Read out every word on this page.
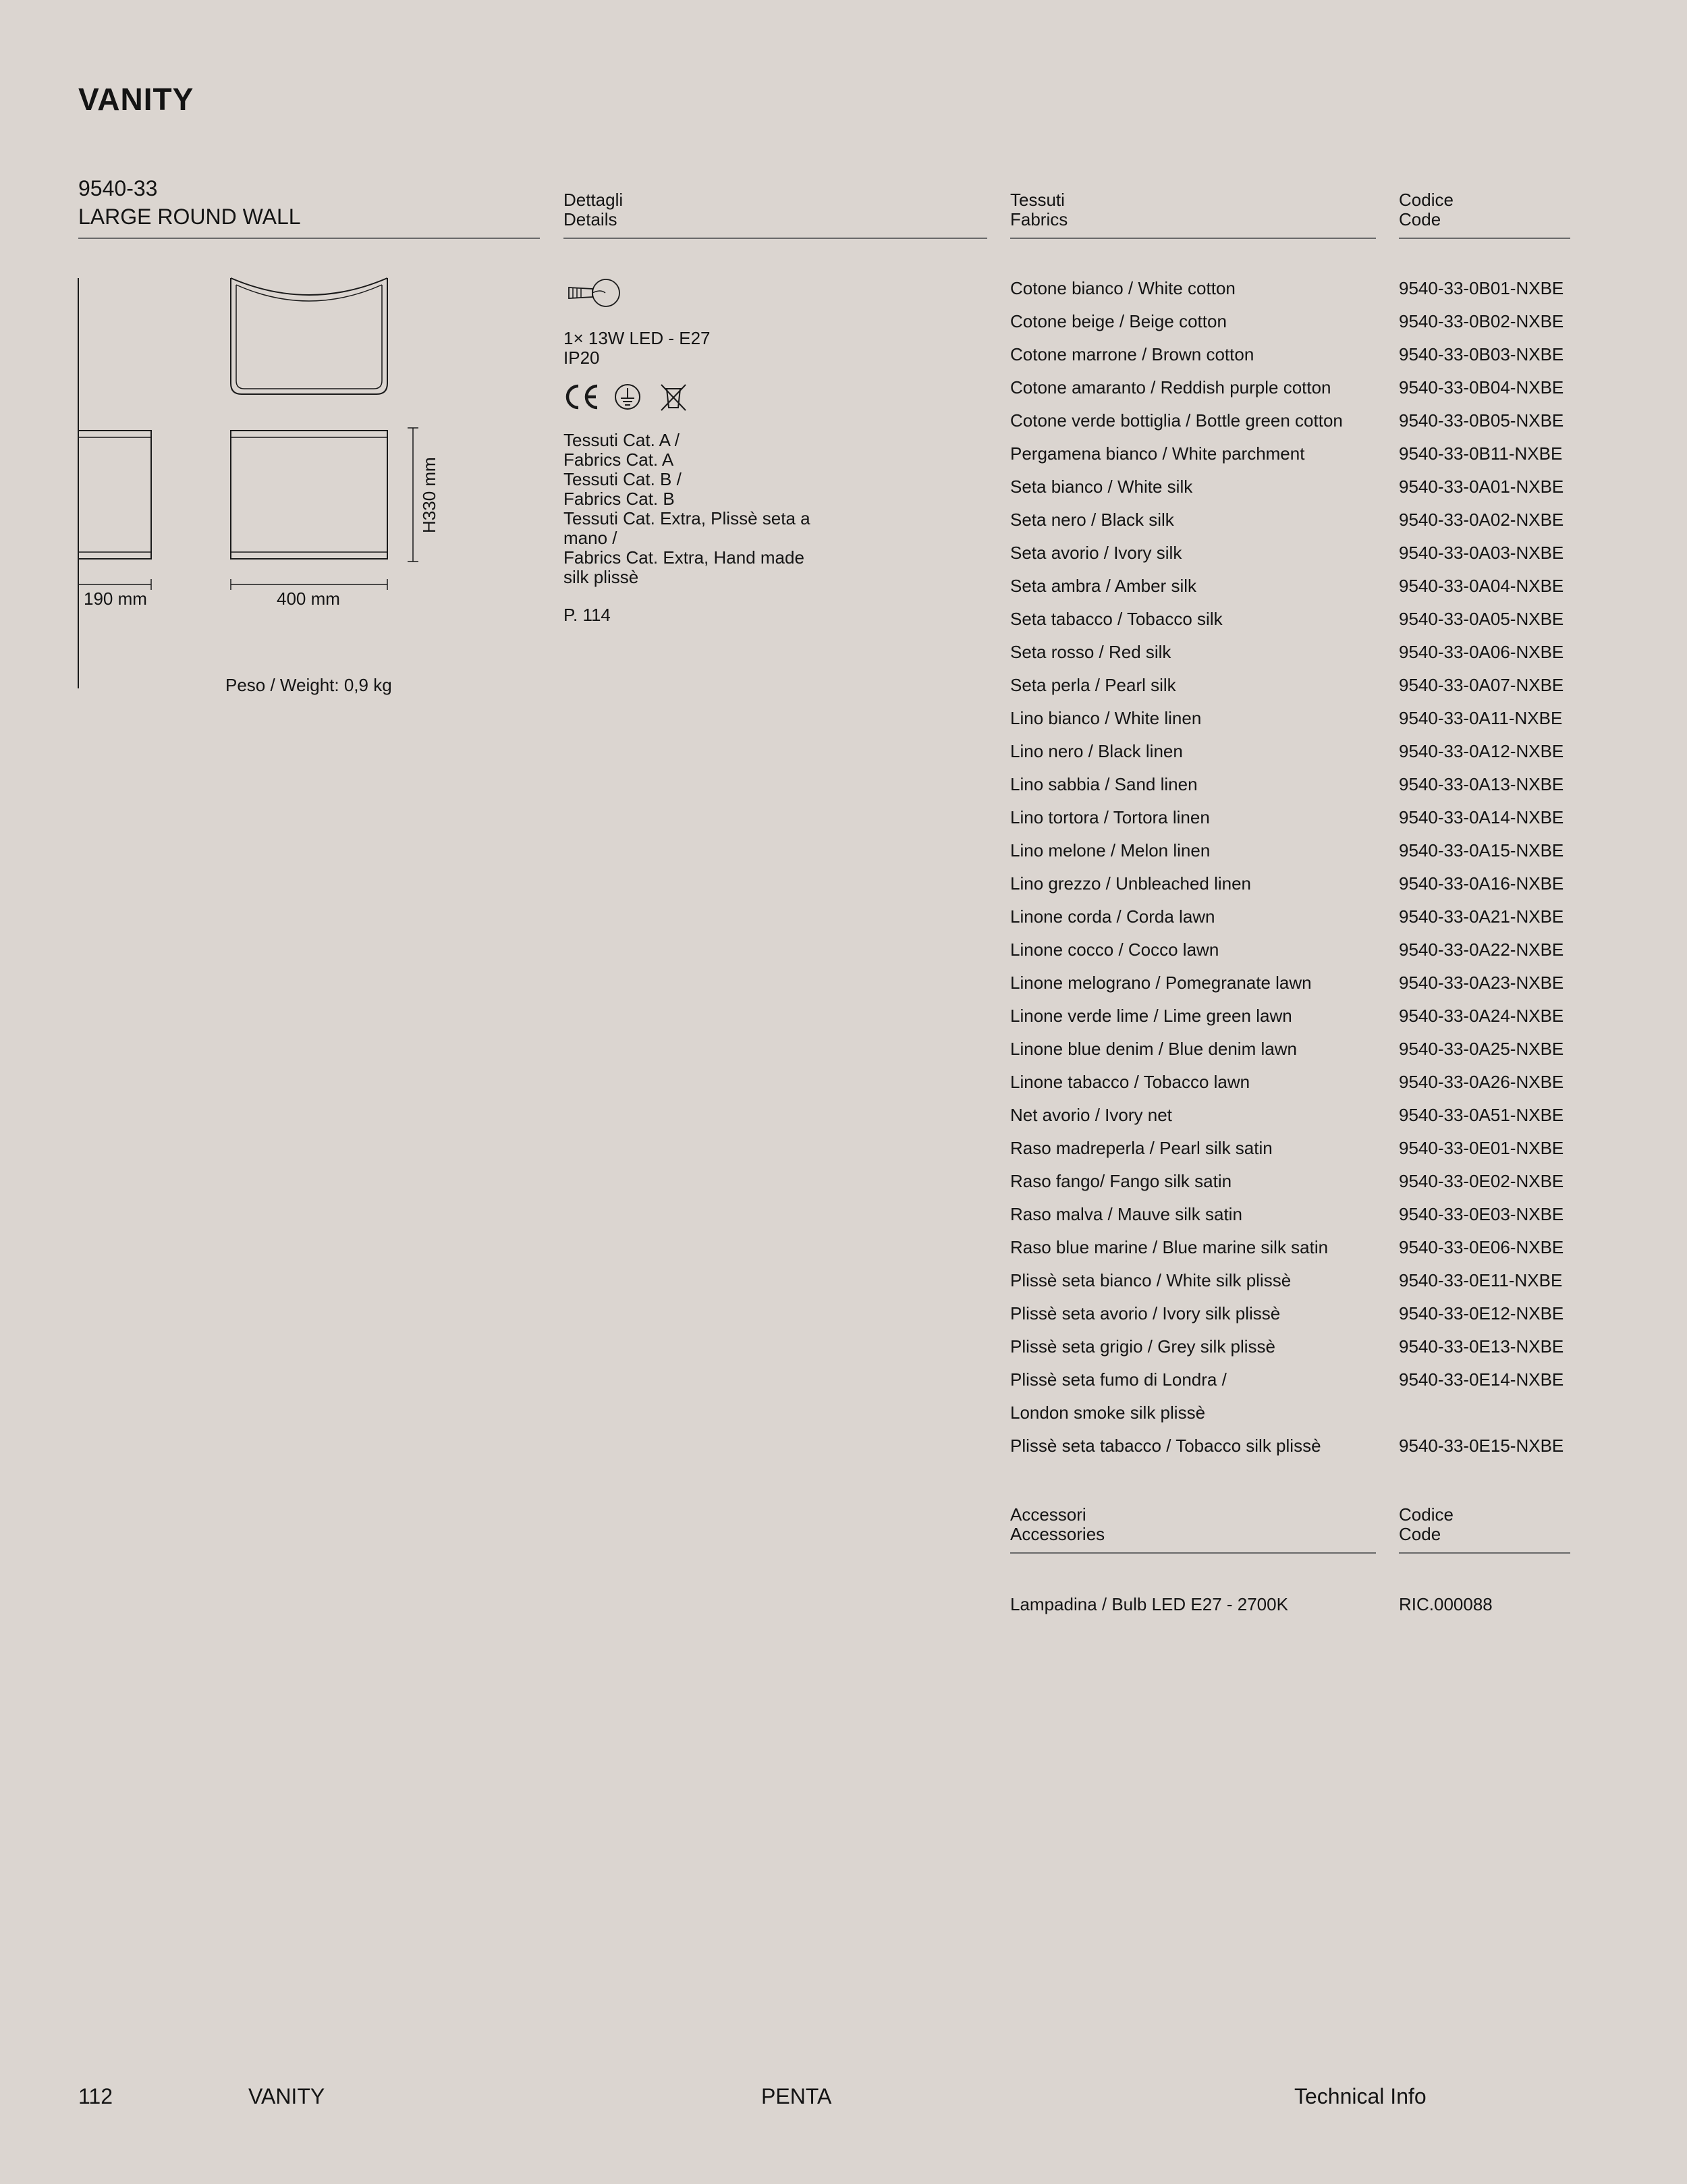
VANITY
9540-33
LARGE ROUND WALL
Dettagli
Details
Tessuti
Fabrics
Codice
Code
190 mm	400 mm
H330 mm
Peso / Weight: 0,9 kg
1× 13W LED - E27
IP20
Tessuti Cat. A /
Fabrics Cat. A
Tessuti Cat. B /
Fabrics Cat. B
Tessuti Cat. Extra, Plissè seta a
mano /
Fabrics Cat. Extra, Hand made
silk plissè
P. 114
Cotone bianco / White cotton	9540-33-0B01-NXBE
Cotone beige / Beige cotton	9540-33-0B02-NXBE
Cotone marrone / Brown cotton	9540-33-0B03-NXBE
Cotone amaranto / Reddish purple cotton	9540-33-0B04-NXBE
Cotone verde bottiglia / Bottle green cotton	9540-33-0B05-NXBE
Pergamena bianco / White parchment	9540-33-0B11-NXBE
Seta bianco / White silk	9540-33-0A01-NXBE
Seta nero / Black silk	9540-33-0A02-NXBE
Seta avorio / Ivory silk	9540-33-0A03-NXBE
Seta ambra / Amber silk	9540-33-0A04-NXBE
Seta tabacco / Tobacco silk	9540-33-0A05-NXBE
Seta rosso / Red silk	9540-33-0A06-NXBE
Seta perla / Pearl silk	9540-33-0A07-NXBE
Lino bianco / White linen	9540-33-0A11-NXBE
Lino nero / Black linen	9540-33-0A12-NXBE
Lino sabbia / Sand linen	9540-33-0A13-NXBE
Lino tortora / Tortora linen	9540-33-0A14-NXBE
Lino melone / Melon linen	9540-33-0A15-NXBE
Lino grezzo / Unbleached linen	9540-33-0A16-NXBE
Linone corda / Corda lawn	9540-33-0A21-NXBE
Linone cocco / Cocco lawn	9540-33-0A22-NXBE
Linone melograno / Pomegranate lawn	9540-33-0A23-NXBE
Linone verde lime / Lime green lawn	9540-33-0A24-NXBE
Linone blue denim / Blue denim lawn	9540-33-0A25-NXBE
Linone tabacco / Tobacco lawn	9540-33-0A26-NXBE
Net avorio / Ivory net	9540-33-0A51-NXBE
Raso madreperla / Pearl silk satin	9540-33-0E01-NXBE
Raso fango/ Fango silk satin	9540-33-0E02-NXBE
Raso malva / Mauve silk satin	9540-33-0E03-NXBE
Raso blue marine / Blue marine silk satin	9540-33-0E06-NXBE
Plissè seta bianco / White silk plissè	9540-33-0E11-NXBE
Plissè seta avorio / Ivory silk plissè	9540-33-0E12-NXBE
Plissè seta grigio / Grey silk plissè	9540-33-0E13-NXBE
Plissè seta fumo di Londra /	9540-33-0E14-NXBE
London smoke silk plissè
Plissè seta tabacco / Tobacco silk plissè	9540-33-0E15-NXBE
Accessori
Accessories
Codice
Code
Lampadina / Bulb LED E27 - 2700K	RIC.000088
112	VANITY	PENTA	Technical Info
